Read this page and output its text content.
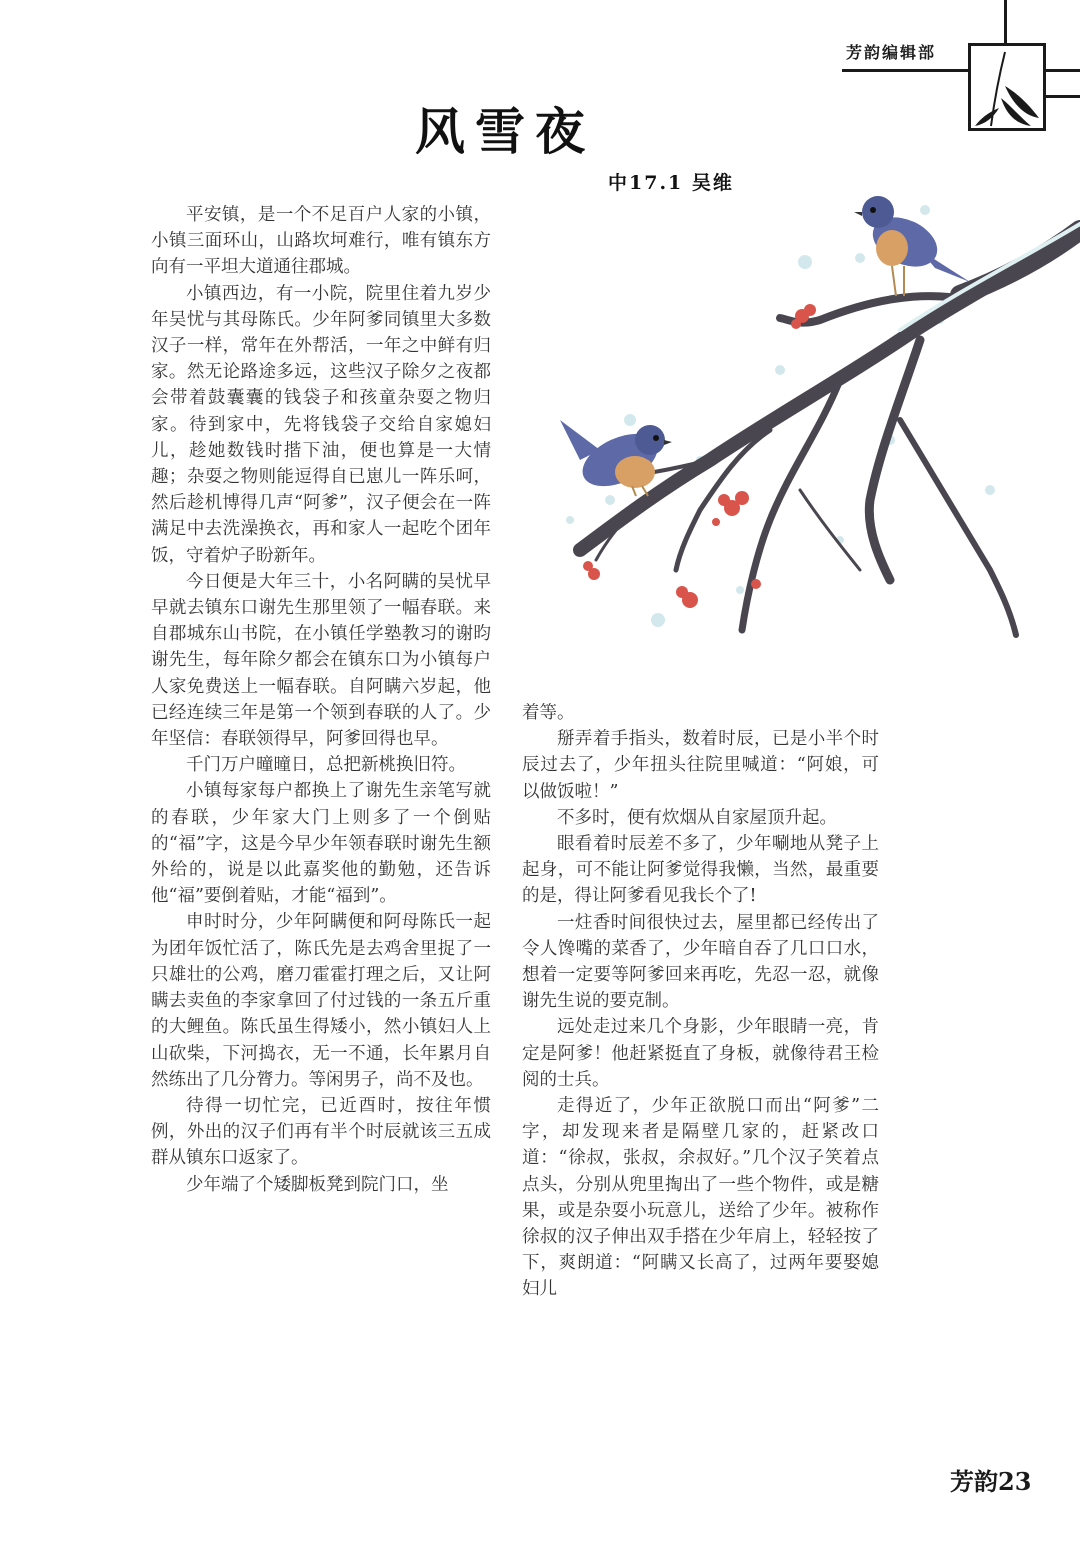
芳韵编辑部
风雪夜
中17.1 吴维

平安镇，是一个不足百户人家的小镇，小镇三面环山，山路坎坷难行，唯有镇东方向有一平坦大道通往郡城。

小镇西边，有一小院，院里住着九岁少年吴忧与其母陈氏。少年阿爹同镇里大多数汉子一样，常年在外帮活，一年之中鲜有归家。然无论路途多远，这些汉子除夕之夜都会带着鼓囊囊的钱袋子和孩童杂耍之物归家。待到家中，先将钱袋子交给自家媳妇儿，趁她数钱时揩下油，便也算是一大情趣；杂耍之物则能逗得自已崽儿一阵乐呵，然后趁机博得几声“阿爹”，汉子便会在一阵满足中去洗澡换衣，再和家人一起吃个团年饭，守着炉子盼新年。

今日便是大年三十，小名阿瞒的吴忧早早就去镇东口谢先生那里领了一幅春联。来自郡城东山书院，在小镇任学塾教习的谢昀谢先生，每年除夕都会在镇东口为小镇每户人家免费送上一幅春联。自阿瞒六岁起，他已经连续三年是第一个领到春联的人了。少年坚信：春联领得早，阿爹回得也早。

千门万户曈曈日，总把新桃换旧符。

小镇每家每户都换上了谢先生亲笔写就的春联，少年家大门上则多了一个倒贴的“福”字，这是今早少年领春联时谢先生额外给的，说是以此嘉奖他的勤勉，还告诉他“福”要倒着贴，才能“福到”。

申时时分，少年阿瞒便和阿母陈氏一起为团年饭忙活了，陈氏先是去鸡舍里捉了一只雄壮的公鸡，磨刀霍霍打理之后，又让阿瞒去卖鱼的李家拿回了付过钱的一条五斤重的大鲤鱼。陈氏虽生得矮小，然小镇妇人上山砍柴，下河捣衣，无一不通，长年累月自然练出了几分膂力。等闲男子，尚不及也。

待得一切忙完，已近酉时，按往年惯例，外出的汉子们再有半个时辰就该三五成群从镇东口返家了。

少年端了个矮脚板凳到院门口，坐

着等。

掰弄着手指头，数着时辰，已是小半个时辰过去了，少年扭头往院里喊道：“阿娘，可以做饭啦！”

不多时，便有炊烟从自家屋顶升起。

眼看着时辰差不多了，少年唰地从凳子上起身，可不能让阿爹觉得我懒，当然，最重要的是，得让阿爹看见我长个了!

一炷香时间很快过去，屋里都已经传出了令人馋嘴的菜香了，少年暗自吞了几口口水，想着一定要等阿爹回来再吃，先忍一忍，就像谢先生说的要克制。

远处走过来几个身影，少年眼睛一亮，肯定是阿爹！他赶紧挺直了身板，就像待君王检阅的士兵。

走得近了，少年正欲脱口而出“阿爹”二字，却发现来者是隔壁几家的，赶紧改口道：“徐叔，张叔，余叔好。”几个汉子笑着点点头，分别从兜里掏出了一些个物件，或是糖果，或是杂耍小玩意儿，送给了少年。被称作徐叔的汉子伸出双手搭在少年肩上，轻轻按了下，爽朗道：“阿瞒又长高了，过两年要娶媳妇儿

芳韵23
